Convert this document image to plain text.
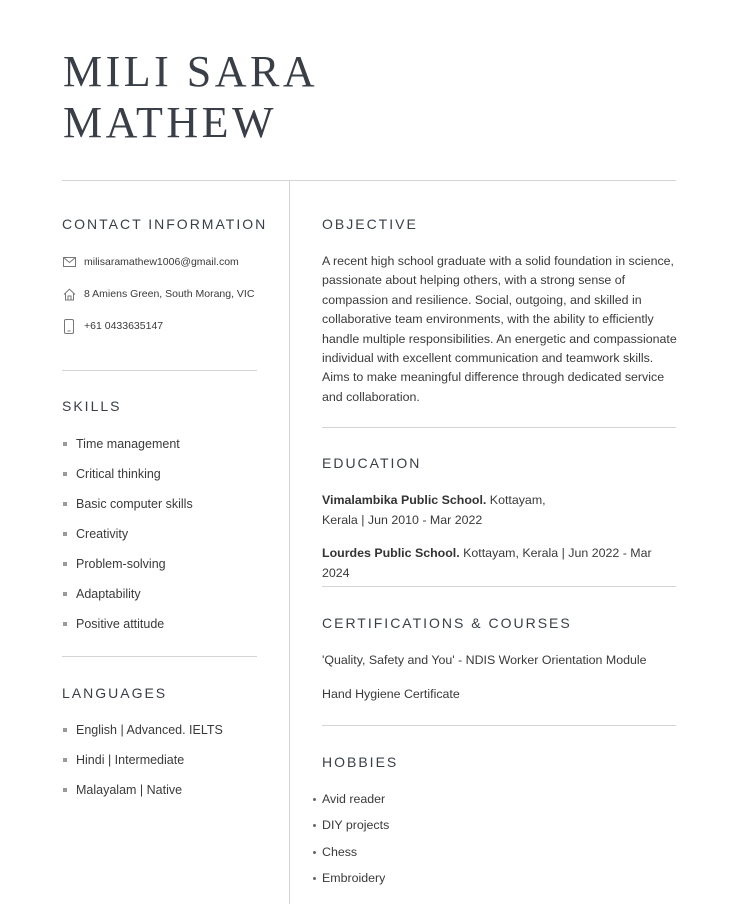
MILI SARA
MATHEW
CONTACT INFORMATION
milisaramathew1006@gmail.com
8 Amiens Green, South Morang, VIC
+61 0433635147
SKILLS
Time management
Critical thinking
Basic computer skills
Creativity
Problem-solving
Adaptability
Positive attitude
LANGUAGES
English | Advanced. IELTS
Hindi | Intermediate
Malayalam | Native
OBJECTIVE

A recent high school graduate with a solid foundation in science, passionate about helping others, with a strong sense of compassion and resilience. Social, outgoing, and skilled in collaborative team environments, with the ability to efficiently handle multiple responsibilities. An energetic and compassionate individual with excellent communication and teamwork skills. Aims to make meaningful difference through dedicated service and collaboration.

EDUCATION

Vimalambika Public School. Kottayam, Kerala | Jun 2010 - Mar 2022

Lourdes Public School. Kottayam, Kerala | Jun 2022 - Mar 2024

CERTIFICATIONS & COURSES

'Quality, Safety and You' - NDIS Worker Orientation Module

Hand Hygiene Certificate

HOBBIES
Avid reader
DIY projects
Chess
Embroidery
